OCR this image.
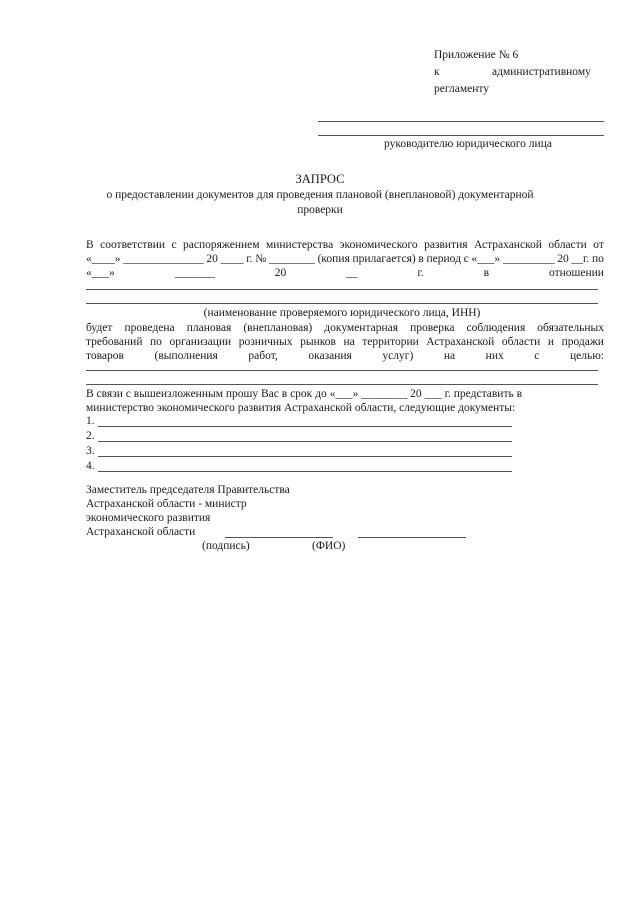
Приложение № 6
к	административному
регламенту
руководителю юридического лица
ЗАПРОС
о предоставлении документов для проведения плановой (внеплановой) документарной
проверки
В соответствии с распоряжением министерства экономического развития Астраханской области от
«____» ______________ 20 ____ г. № ________ (копия прилагается) в период с «___» _________ 20 __г. по
«___»	_______	20	__	г.	в	отношении
(наименование проверяемого юридического лица, ИНН)
будет проведена плановая (внеплановая) документарная проверка соблюдения обязательных
требований по организации розничных рынков на территории Астраханской области и продажи
товаров	(выполнения	работ,	оказания	услуг)	на	них	с	целью:
В связи с вышеизложенным прошу Вас в срок до «___» ________ 20 ___ г. представить в
министерство экономического развития Астраханской области, следующие документы:
1.
2.
3.
4.
Заместитель председателя Правительства
Астраханской области - министр
экономического развития
Астраханской области
(подпись)	(ФИО)
